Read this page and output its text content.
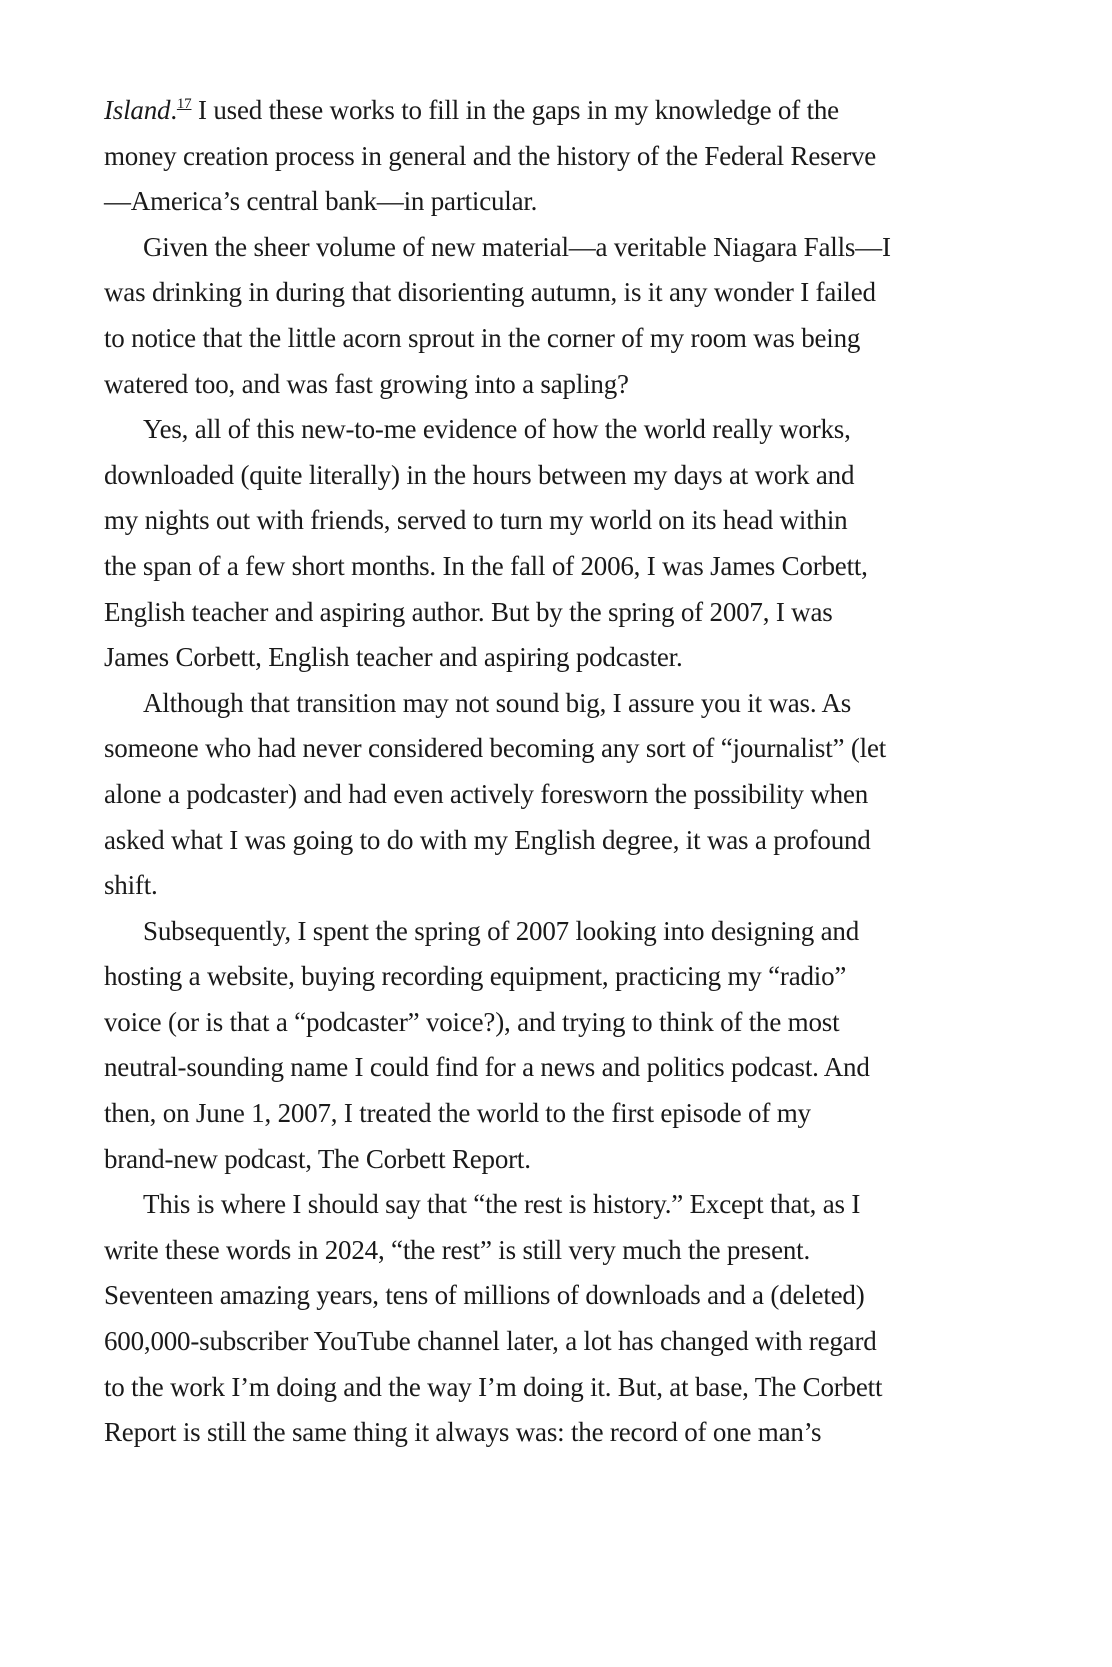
Island.$^{17}$ I used these works to fill in the gaps in my knowledge of the
money creation process in general and the history of the Federal Reserve
—America’s central bank—in particular.
Given the sheer volume of new material—a veritable Niagara Falls—I
was drinking in during that disorienting autumn, is it any wonder I failed
to notice that the little acorn sprout in the corner of my room was being
watered too, and was fast growing into a sapling?
Yes, all of this new-to-me evidence of how the world really works,
downloaded (quite literally) in the hours between my days at work and
my nights out with friends, served to turn my world on its head within
the span of a few short months. In the fall of 2006, I was James Corbett,
English teacher and aspiring author. But by the spring of 2007, I was
James Corbett, English teacher and aspiring podcaster.
Although that transition may not sound big, I assure you it was. As
someone who had never considered becoming any sort of “journalist” (let
alone a podcaster) and had even actively foresworn the possibility when
asked what I was going to do with my English degree, it was a profound
shift.
Subsequently, I spent the spring of 2007 looking into designing and
hosting a website, buying recording equipment, practicing my “radio”
voice (or is that a “podcaster” voice?), and trying to think of the most
neutral-sounding name I could find for a news and politics podcast. And
then, on June 1, 2007, I treated the world to the first episode of my
brand-new podcast, The Corbett Report.
This is where I should say that “the rest is history.” Except that, as I
write these words in 2024, “the rest” is still very much the present.
Seventeen amazing years, tens of millions of downloads and a (deleted)
600,000-subscriber YouTube channel later, a lot has changed with regard
to the work I’m doing and the way I’m doing it. But, at base, The Corbett
Report is still the same thing it always was: the record of one man’s
